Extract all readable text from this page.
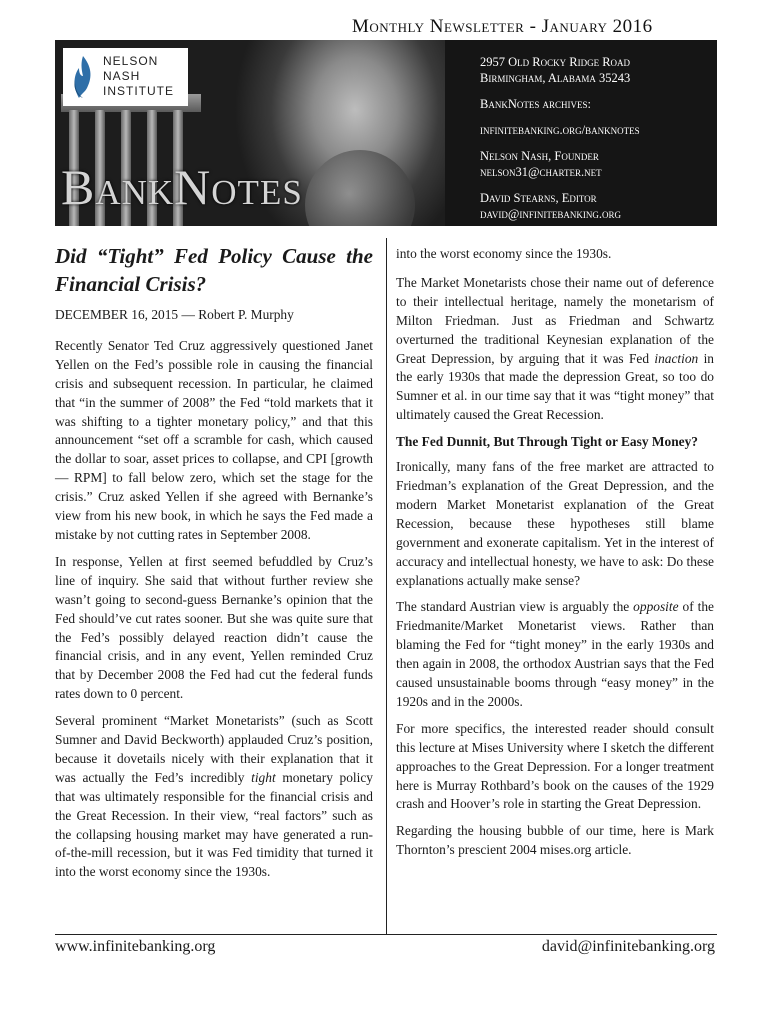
Monthly Newsletter - January 2016
NELSON
NASH
INSTITUTE
BankNotes
2957 Old Rocky Ridge Road
Birmingham, Alabama 35243
BankNotes archives:
infinitebanking.org/banknotes
Nelson Nash, Founder
nelson31@charter.net
David Stearns, Editor
david@infinitebanking.org
Did “Tight” Fed Policy Cause the Financial Crisis?
DECEMBER 16, 2015 — Robert P. Murphy

Recently Senator Ted Cruz aggressively questioned Janet Yellen on the Fed’s possible role in causing the financial crisis and subsequent recession. In particular, he claimed that “in the summer of 2008” the Fed “told markets that it was shifting to a tighter monetary policy,” and that this announcement “set off a scramble for cash, which caused the dollar to soar, asset prices to collapse, and CPI [growth — RPM] to fall below zero, which set the stage for the crisis.” Cruz asked Yellen if she agreed with Bernanke’s view from his new book, in which he says the Fed made a mistake by not cutting rates in September 2008.

In response, Yellen at first seemed befuddled by Cruz’s line of inquiry. She said that without further review she wasn’t going to second-guess Bernanke’s opinion that the Fed should’ve cut rates sooner. But she was quite sure that the Fed’s possibly delayed reaction didn’t cause the financial crisis, and in any event, Yellen reminded Cruz that by December 2008 the Fed had cut the federal funds rates down to 0 percent.

Several prominent “Market Monetarists” (such as Scott Sumner and David Beckworth) applauded Cruz’s position, because it dovetails nicely with their explanation that it was actually the Fed’s incredibly tight monetary policy that was ultimately responsible for the financial crisis and the Great Recession. In their view, “real factors” such as the collapsing housing market may have generated a run-of-the-mill recession, but it was Fed timidity that turned it into the worst economy since the 1930s.

into the worst economy since the 1930s.

The Market Monetarists chose their name out of deference to their intellectual heritage, namely the monetarism of Milton Friedman. Just as Friedman and Schwartz overturned the traditional Keynesian explanation of the Great Depression, by arguing that it was Fed inaction in the early 1930s that made the depression Great, so too do Sumner et al. in our time say that it was “tight money” that ultimately caused the Great Recession.

The Fed Dunnit, But Through Tight or Easy Money?

Ironically, many fans of the free market are attracted to Friedman’s explanation of the Great Depression, and the modern Market Monetarist explanation of the Great Recession, because these hypotheses still blame government and exonerate capitalism. Yet in the interest of accuracy and intellectual honesty, we have to ask: Do these explanations actually make sense?

The standard Austrian view is arguably the opposite of the Friedmanite/Market Monetarist views. Rather than blaming the Fed for “tight money” in the early 1930s and then again in 2008, the orthodox Austrian says that the Fed caused unsustainable booms through “easy money” in the 1920s and in the 2000s.

For more specifics, the interested reader should consult this lecture at Mises University where I sketch the different approaches to the Great Depression. For a longer treatment here is Murray Rothbard’s book on the causes of the 1929 crash and Hoover’s role in starting the Great Depression.

Regarding the housing bubble of our time, here is Mark Thornton’s prescient 2004 mises.org article.

www.infinitebanking.org	david@infinitebanking.org
